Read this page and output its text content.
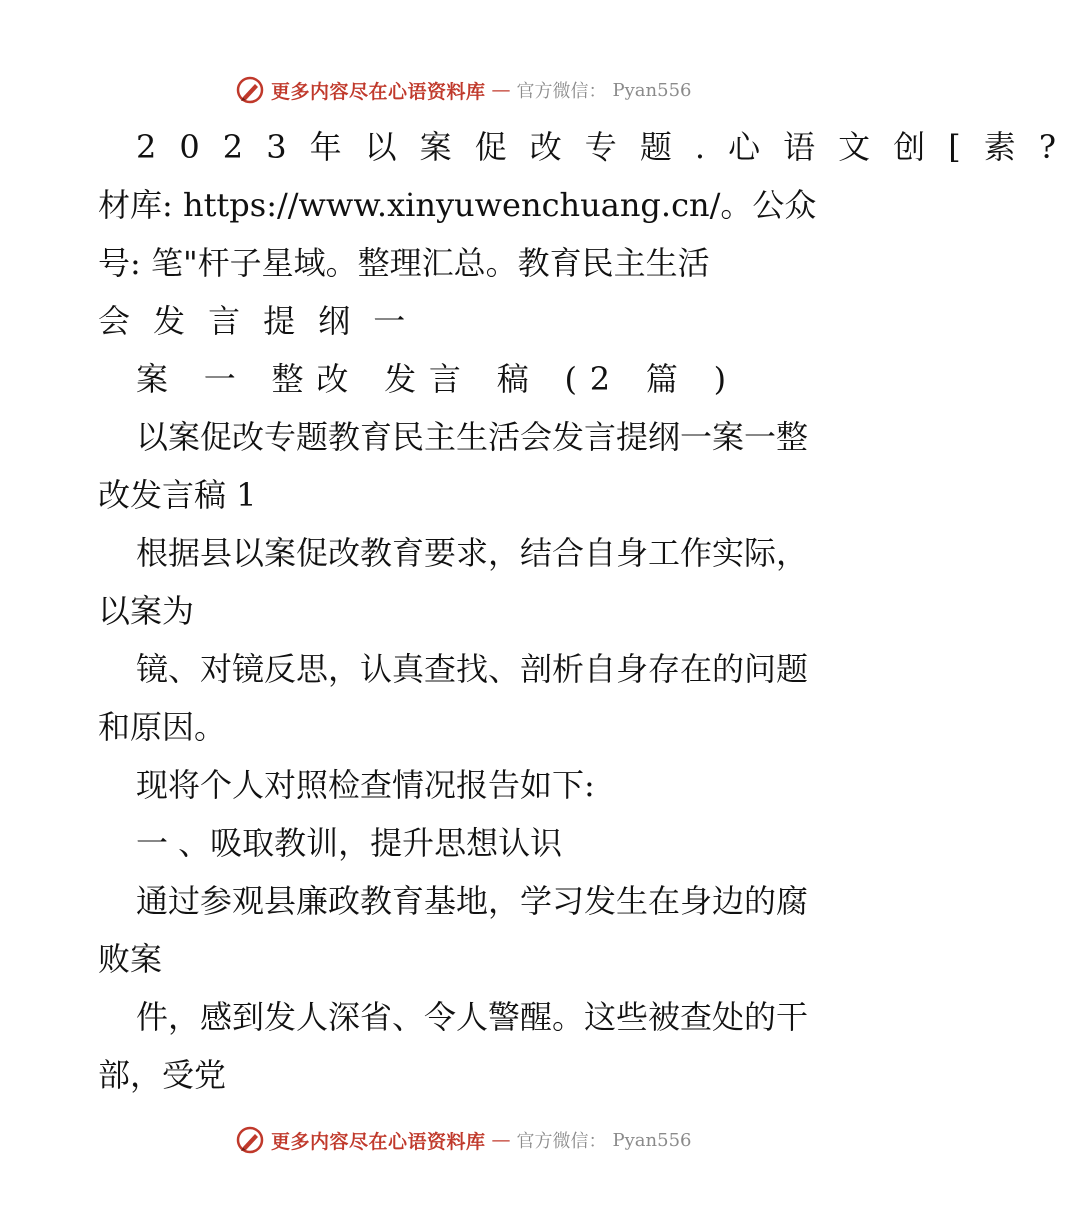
更多内容尽在心语资料库 — 官方微信： Pyan556
2023年以案促改专题.心语文创[素?
材库: https://www.xinyuwenchuang.cn/。公众
号: 笔"杆子星域。整理汇总。教育民主生活
会发言提纲一
案 一 整改 发言 稿 (2 篇 )
以案促改专题教育民主生活会发言提纲一案一整
改发言稿 1
根据县以案促改教育要求，结合自身工作实际，
以案为
镜、对镜反思，认真查找、剖析自身存在的问题
和原因。
现将个人对照检查情况报告如下:
一 、吸取教训，提升思想认识
通过参观县廉政教育基地，学习发生在身边的腐
败案
件，感到发人深省、令人警醒。这些被查处的干
部，受党
更多内容尽在心语资料库 — 官方微信： Pyan556
